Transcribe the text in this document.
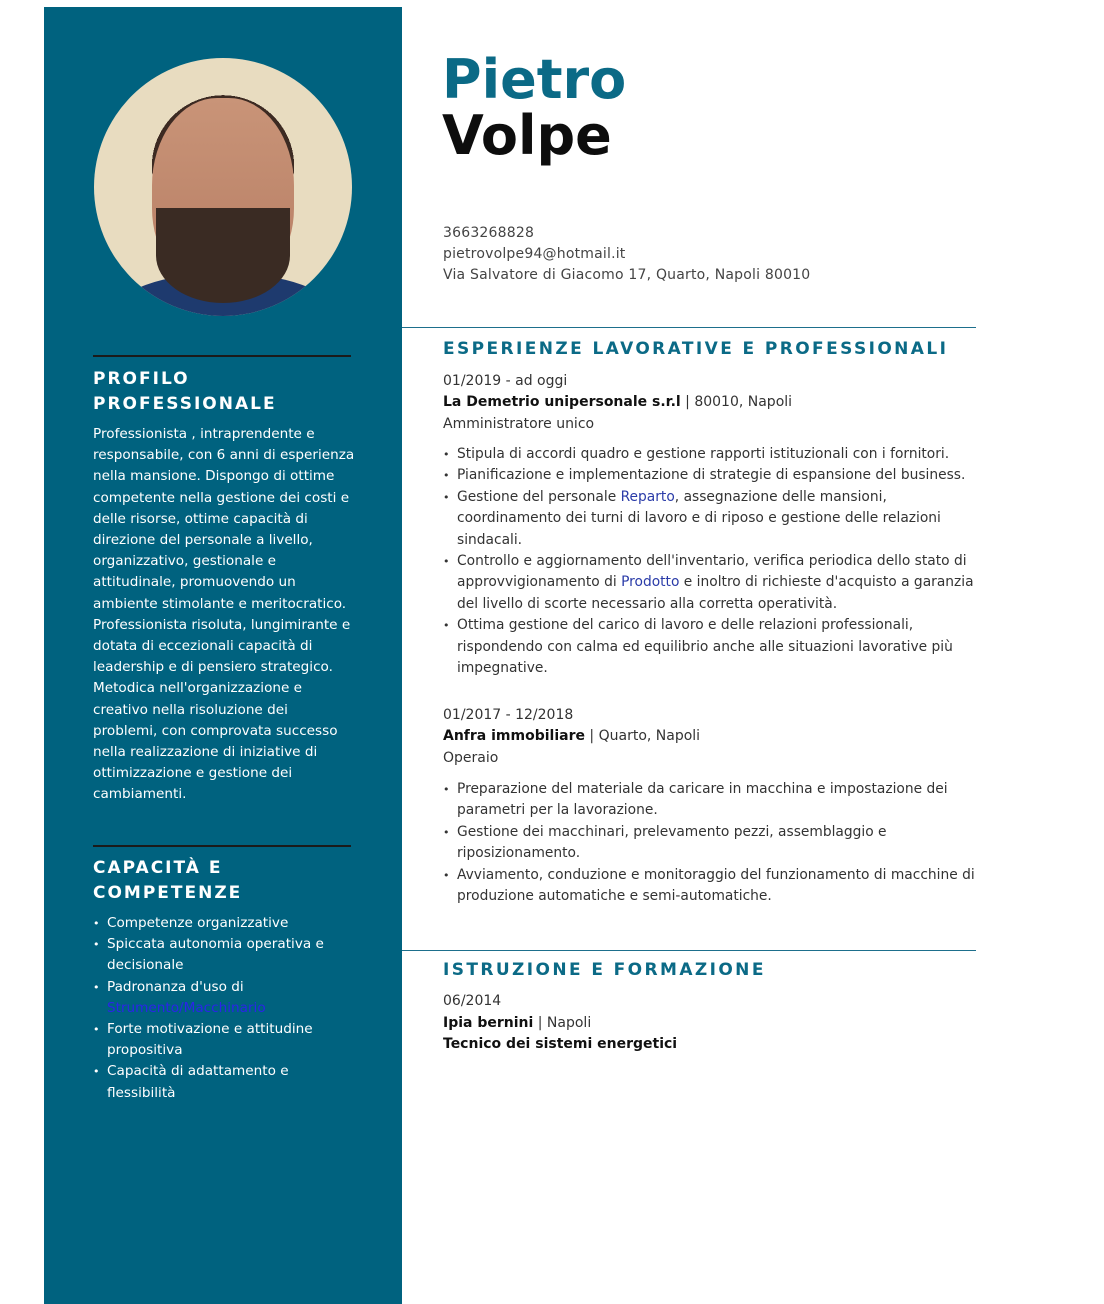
PROFILO
PROFESSIONALE
Professionista , intraprendente e
responsabile, con 6 anni di esperienza
nella mansione. Dispongo di ottime
competente nella gestione dei costi e
delle risorse, ottime capacità di
direzione del personale a livello,
organizzativo, gestionale e
attitudinale, promuovendo un
ambiente stimolante e meritocratico.
Professionista risoluta, lungimirante e
dotata di eccezionali capacità di
leadership e di pensiero strategico.
Metodica nell'organizzazione e
creativo nella risoluzione dei
problemi, con comprovata successo
nella realizzazione di iniziative di
ottimizzazione e gestione dei
cambiamenti.
CAPACITÀ E
COMPETENZE
• Competenze organizzative
• Spiccata autonomia operativa e
decisionale
• Padronanza d'uso di
Strumento/Macchinario
• Forte motivazione e attitudine
propositiva
• Capacità di adattamento e
flessibilità
Pietro
Volpe
3663268828
pietrovolpe94@hotmail.it
Via Salvatore di Giacomo 17, Quarto, Napoli 80010
ESPERIENZE LAVORATIVE E PROFESSIONALI
01/2019 - ad oggi
La Demetrio unipersonale s.r.l | 80010, Napoli
Amministratore unico
• Stipula di accordi quadro e gestione rapporti istituzionali con i fornitori.
• Pianificazione e implementazione di strategie di espansione del business.
• Gestione del personale Reparto, assegnazione delle mansioni,
coordinamento dei turni di lavoro e di riposo e gestione delle relazioni
sindacali.
• Controllo e aggiornamento dell'inventario, verifica periodica dello stato di
approvvigionamento di Prodotto e inoltro di richieste d'acquisto a garanzia
del livello di scorte necessario alla corretta operatività.
• Ottima gestione del carico di lavoro e delle relazioni professionali,
rispondendo con calma ed equilibrio anche alle situazioni lavorative più
impegnative.
01/2017 - 12/2018
Anfra immobiliare | Quarto, Napoli
Operaio
• Preparazione del materiale da caricare in macchina e impostazione dei
parametri per la lavorazione.
• Gestione dei macchinari, prelevamento pezzi, assemblaggio e
riposizionamento.
• Avviamento, conduzione e monitoraggio del funzionamento di macchine di
produzione automatiche e semi-automatiche.
ISTRUZIONE E FORMAZIONE
06/2014
Ipia bernini | Napoli
Tecnico dei sistemi energetici
